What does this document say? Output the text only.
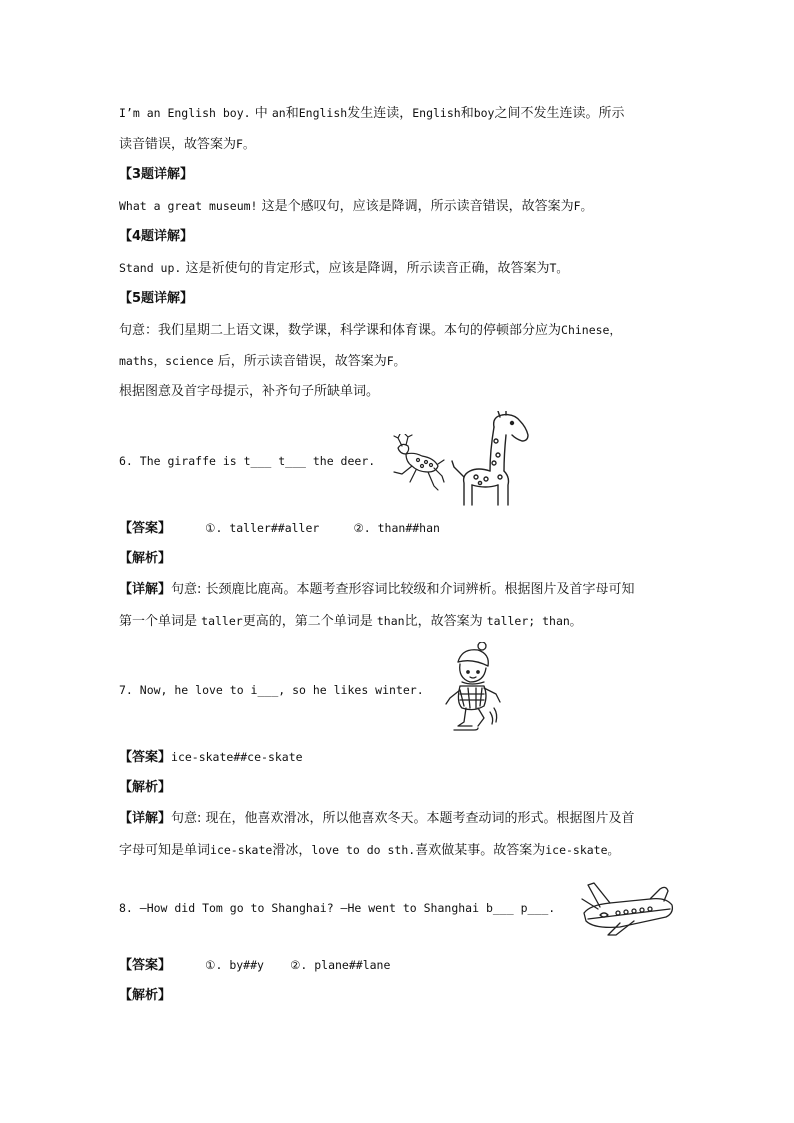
I’m an English boy. 中 an和English发生连读，English和boy之间不发生连读。所示
读音错误，故答案为F。
【3题详解】
What a great museum! 这是个感叹句，应该是降调，所示读音错误，故答案为F。
【4题详解】
Stand up. 这是祈使句的肯定形式，应该是降调，所示读音正确，故答案为T。
【5题详解】
句意：我们星期二上语文课，数学课，科学课和体育课。本句的停顿部分应为Chinese，
maths，science 后，所示读音错误，故答案为F。
根据图意及首字母提示，补齐句子所缺单词。
6. The giraffe is t___ t___ the deer.
【答案】	①. taller##aller	②. than##han
【解析】
【详解】句意: 长颈鹿比鹿高。本题考查形容词比较级和介词辨析。根据图片及首字母可知
第一个单词是 taller更高的，第二个单词是 than比，故答案为 taller; than。
7. Now, he love to i___, so he likes winter.
【答案】ice-skate##ce-skate
【解析】
【详解】句意: 现在，他喜欢滑冰，所以他喜欢冬天。本题考查动词的形式。根据图片及首
字母可知是单词ice-skate滑冰，love to do sth.喜欢做某事。故答案为ice-skate。
8. —How did Tom go to Shanghai? —He went to Shanghai b___ p___.
【答案】	①. by##y ②. plane##lane
【解析】
